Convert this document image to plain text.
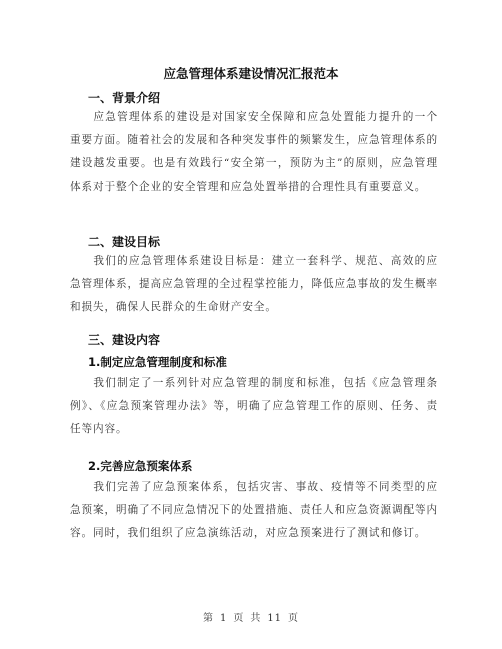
应急管理体系建设情况汇报范本
一、背景介绍
应急管理体系的建设是对国家安全保障和应急处置能力提升的一个重要方面。随着社会的发展和各种突发事件的频繁发生，应急管理体系的建设越发重要。也是有效践行“安全第一，预防为主”的原则，应急管理体系对于整个企业的安全管理和应急处置举措的合理性具有重要意义。
二、建设目标
我们的应急管理体系建设目标是：建立一套科学、规范、高效的应急管理体系，提高应急管理的全过程掌控能力，降低应急事故的发生概率和损失，确保人民群众的生命财产安全。
三、建设内容
1.制定应急管理制度和标准
我们制定了一系列针对应急管理的制度和标准，包括《应急管理条例》、《应急预案管理办法》等，明确了应急管理工作的原则、任务、责任等内容。
2.完善应急预案体系
我们完善了应急预案体系，包括灾害、事故、疫情等不同类型的应急预案，明确了不同应急情况下的处置措施、责任人和应急资源调配等内容。同时，我们组织了应急演练活动，对应急预案进行了测试和修订。
第 1 页 共 11 页
